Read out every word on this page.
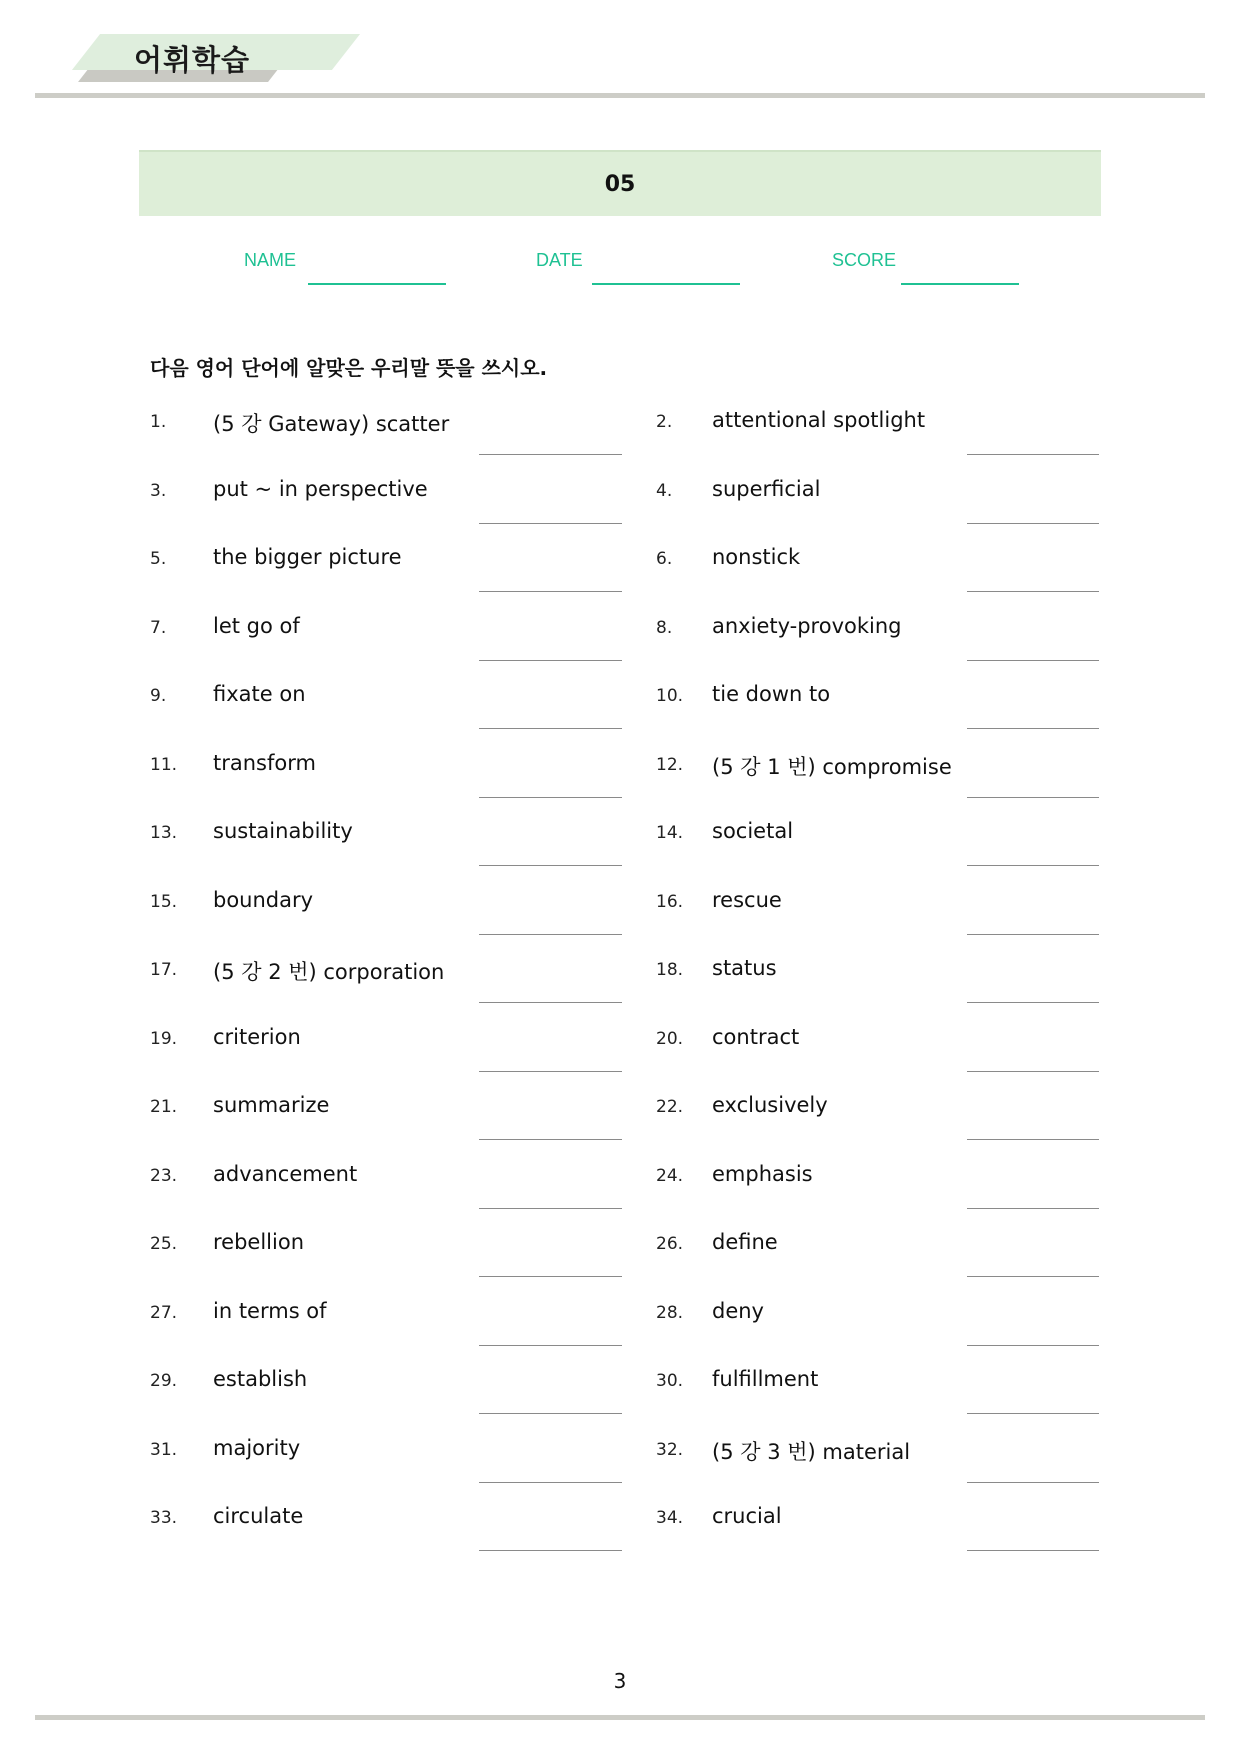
어휘학습
05
NAME	DATE	SCORE
다음 영어 단어에 알맞은 우리말 뜻을 쓰시오.
1. (5 강 Gateway) scatter	2. attentional spotlight
3. put ~ in perspective	4. superficial
5. the bigger picture	6. nonstick
7. let go of	8. anxiety-provoking
9. fixate on	10. tie down to
11. transform	12. (5 강 1 번) compromise
13. sustainability	14. societal
15. boundary	16. rescue
17. (5 강 2 번) corporation	18. status
19. criterion	20. contract
21. summarize	22. exclusively
23. advancement	24. emphasis
25. rebellion	26. define
27. in terms of	28. deny
29. establish	30. fulfillment
31. majority	32. (5 강 3 번) material
33. circulate	34. crucial
3
